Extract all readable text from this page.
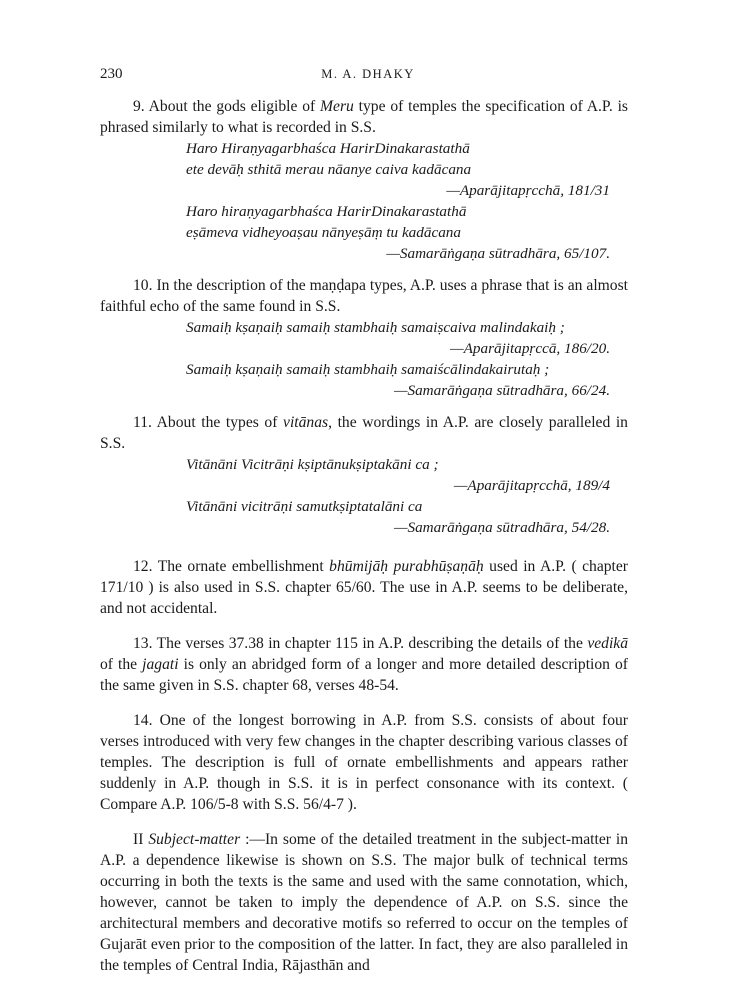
230	M. A. DHAKY

9. About the gods eligible of Meru type of temples the specification of A.P. is phrased similarly to what is recorded in S.S.

Haro Hiraṇyagarbhaśca HarirDinakarastathā
ete devāḥ sthitā merau nāanye caiva kadācana
—Aparājitapṛcchā, 181/31
Haro hiraṇyagarbhaśca HarirDinakarastathā
eṣāmeva vidheyoaṣau nānyeṣāṃ tu kadācana
—Samarāṅgaṇa sūtradhāra, 65/107.

10. In the description of the maṇḍapa types, A.P. uses a phrase that is an almost faithful echo of the same found in S.S.

Samaiḥ kṣaṇaiḥ samaiḥ stambhaiḥ samaiṣcaiva malindakaiḥ ;
—Aparājitapṛccā, 186/20.
Samaiḥ kṣaṇaiḥ samaiḥ stambhaiḥ samaiścālindakairutaḥ ;
—Samarāṅgaṇa sūtradhāra, 66/24.

11. About the types of vitānas, the wordings in A.P. are closely paralleled in S.S.

Vitānāni Vicitrāṇi kṣiptānukṣiptakāni ca ;
—Aparājitapṛcchā, 189/4
Vitānāni vicitrāṇi samutkṣiptatalāni ca
—Samarāṅgaṇa sūtradhāra, 54/28.

12. The ornate embellishment bhūmijāḥ purabhūṣaṇāḥ used in A.P. ( chapter 171/10 ) is also used in S.S. chapter 65/60. The use in A.P. seems to be deliberate, and not accidental.

13. The verses 37.38 in chapter 115 in A.P. describing the details of the vedikā of the jagati is only an abridged form of a longer and more detailed description of the same given in S.S. chapter 68, verses 48-54.

14. One of the longest borrowing in A.P. from S.S. consists of about four verses introduced with very few changes in the chapter describing various classes of temples. The description is full of ornate embellishments and appears rather suddenly in A.P. though in S.S. it is in perfect consonance with its context. ( Compare A.P. 106/5-8 with S.S. 56/4-7 ).

II Subject-matter :—In some of the detailed treatment in the subject-matter in A.P. a dependence likewise is shown on S.S. The major bulk of technical terms occurring in both the texts is the same and used with the same connotation, which, however, cannot be taken to imply the dependence of A.P. on S.S. since the architectural members and decorative motifs so referred to occur on the temples of Gujarāt even prior to the composition of the latter. In fact, they are also paralleled in the temples of Central India, Rājasthān and
